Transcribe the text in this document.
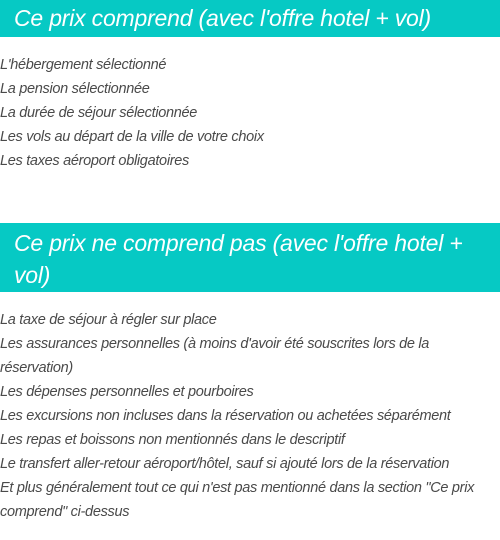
Ce prix comprend (avec l'offre hotel + vol)
L'hébergement sélectionné
La pension sélectionnée
La durée de séjour sélectionnée
Les vols au départ de la ville de votre choix
Les taxes aéroport obligatoires
Ce prix ne comprend pas (avec l'offre hotel + vol)
La taxe de séjour à régler sur place
Les assurances personnelles (à moins d'avoir été souscrites lors de la réservation)
Les dépenses personnelles et pourboires
Les excursions non incluses dans la réservation ou achetées séparément
Les repas et boissons non mentionnés dans le descriptif
Le transfert aller-retour aéroport/hôtel, sauf si ajouté lors de la réservation
Et plus généralement tout ce qui n'est pas mentionné dans la section "Ce prix comprend" ci-dessus
